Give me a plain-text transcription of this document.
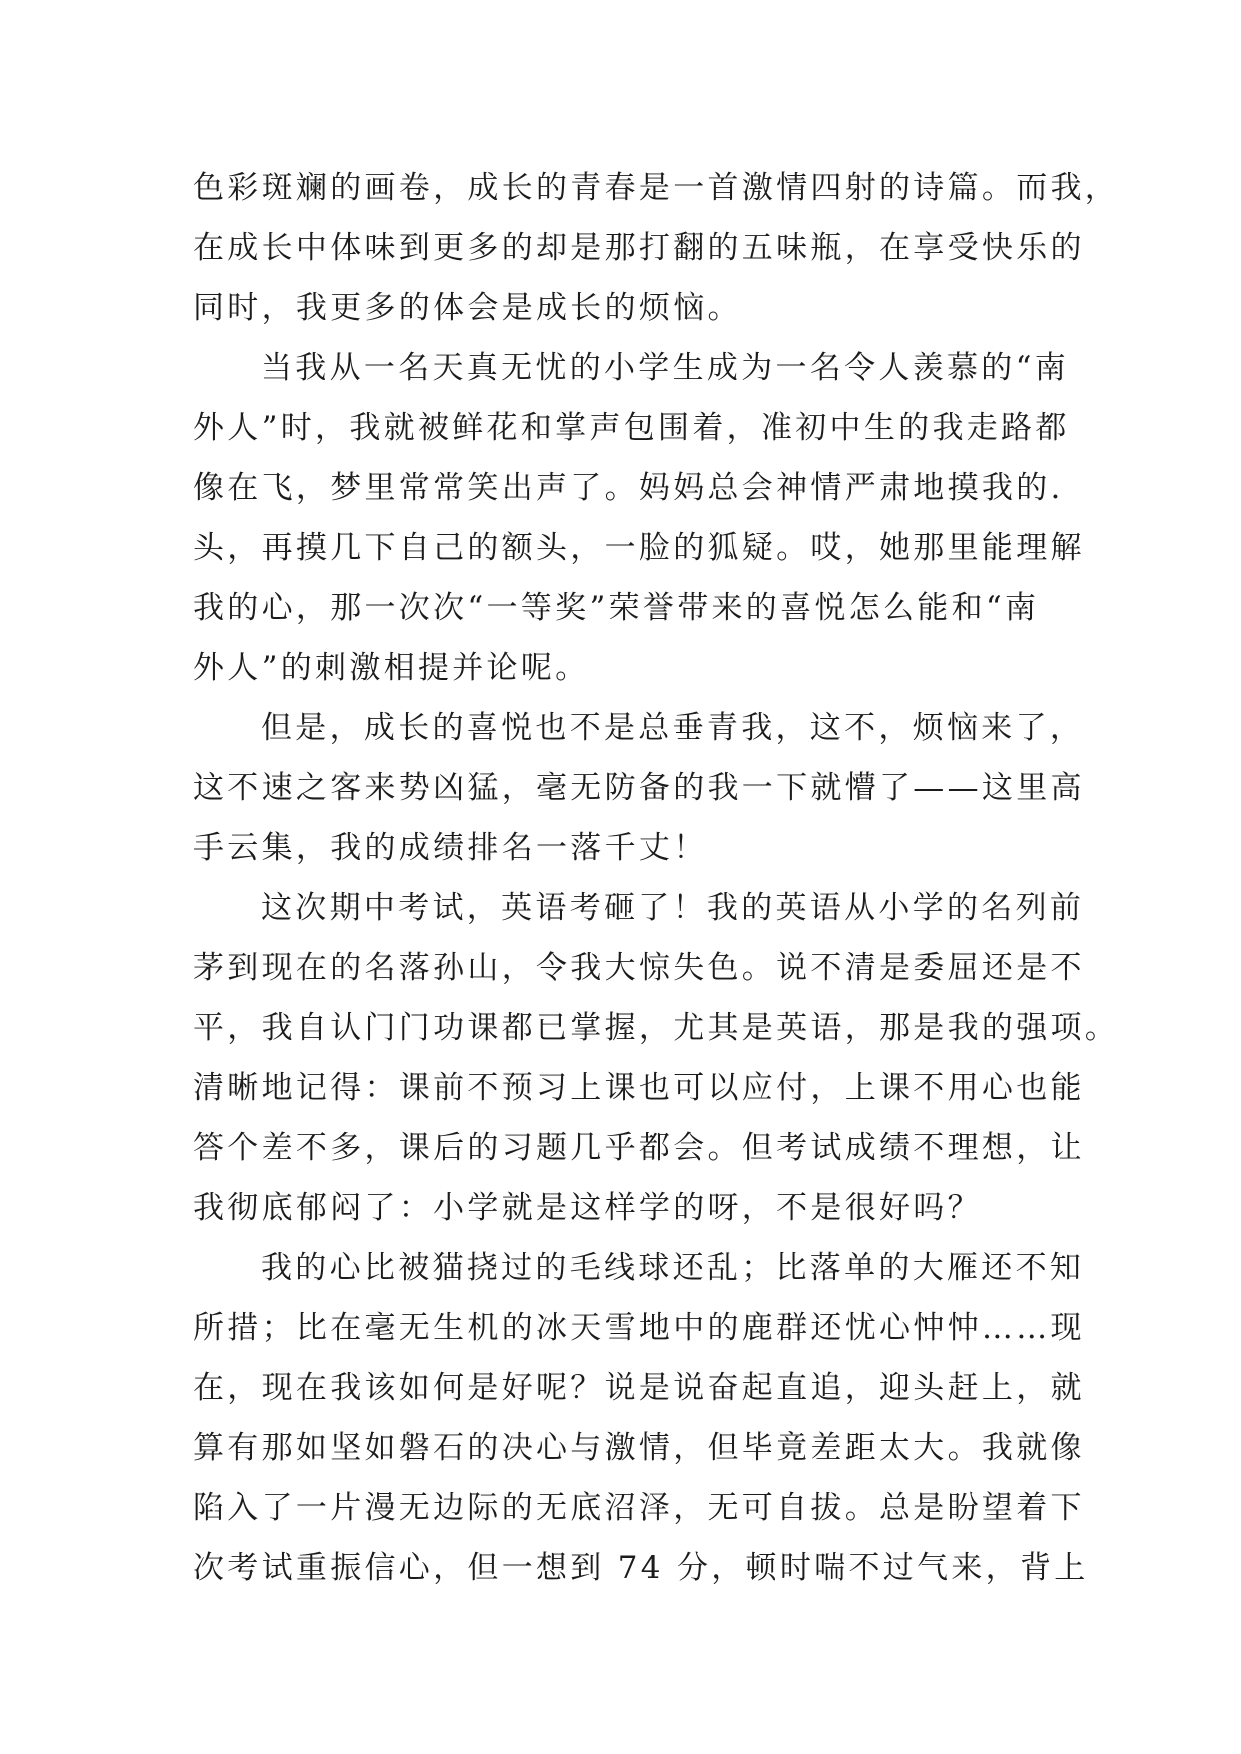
色彩斑斓的画卷，成长的青春是一首激情四射的诗篇。而我，
在成长中体味到更多的却是那打翻的五味瓶，在享受快乐的
同时，我更多的体会是成长的烦恼。
当我从一名天真无忧的小学生成为一名令人羡慕的“南
外人”时，我就被鲜花和掌声包围着，准初中生的我走路都
像在飞，梦里常常笑出声了。妈妈总会神情严肃地摸我的.
头，再摸几下自己的额头，一脸的狐疑。哎，她那里能理解
我的心，那一次次“一等奖”荣誉带来的喜悦怎么能和“南
外人”的刺激相提并论呢。
但是，成长的喜悦也不是总垂青我，这不，烦恼来了，
这不速之客来势凶猛，毫无防备的我一下就懵了——这里高
手云集，我的成绩排名一落千丈！
这次期中考试，英语考砸了！我的英语从小学的名列前
茅到现在的名落孙山，令我大惊失色。说不清是委屈还是不
平，我自认门门功课都已掌握，尤其是英语，那是我的强项。
清晰地记得：课前不预习上课也可以应付，上课不用心也能
答个差不多，课后的习题几乎都会。但考试成绩不理想，让
我彻底郁闷了：小学就是这样学的呀，不是很好吗？
我的心比被猫挠过的毛线球还乱；比落单的大雁还不知
所措；比在毫无生机的冰天雪地中的鹿群还忧心忡忡……现
在，现在我该如何是好呢？说是说奋起直追，迎头赶上，就
算有那如坚如磐石的决心与激情，但毕竟差距太大。我就像
陷入了一片漫无边际的无底沼泽，无可自拔。总是盼望着下
次考试重振信心，但一想到 74 分，顿时喘不过气来，背上
